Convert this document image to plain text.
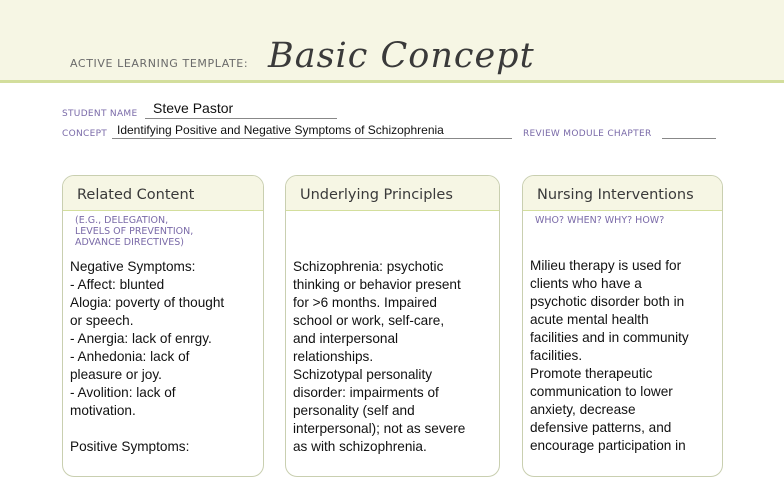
ACTIVE LEARNING TEMPLATE: Basic Concept
STUDENT NAME Steve Pastor
CONCEPT Identifying Positive and Negative Symptoms of Schizophrenia	REVIEW MODULE CHAPTER
Related Content
(E.G., DELEGATION,
LEVELS OF PREVENTION,
ADVANCE DIRECTIVES)
Negative Symptoms:
- Affect: blunted
Alogia: poverty of thought
or speech.
- Anergia: lack of enrgy.
- Anhedonia: lack of
pleasure or joy.
- Avolition: lack of
motivation.
Positive Symptoms:
Underlying Principles
Schizophrenia: psychotic
thinking or behavior present
for >6 months. Impaired
school or work, self-care,
and interpersonal
relationships.
Schizotypal personality
disorder: impairments of
personality (self and
interpersonal); not as severe
as with schizophrenia.
Nursing Interventions
WHO? WHEN? WHY? HOW?
Milieu therapy is used for
clients who have a
psychotic disorder both in
acute mental health
facilities and in community
facilities.
Promote therapeutic
communication to lower
anxiety, decrease
defensive patterns, and
encourage participation in
